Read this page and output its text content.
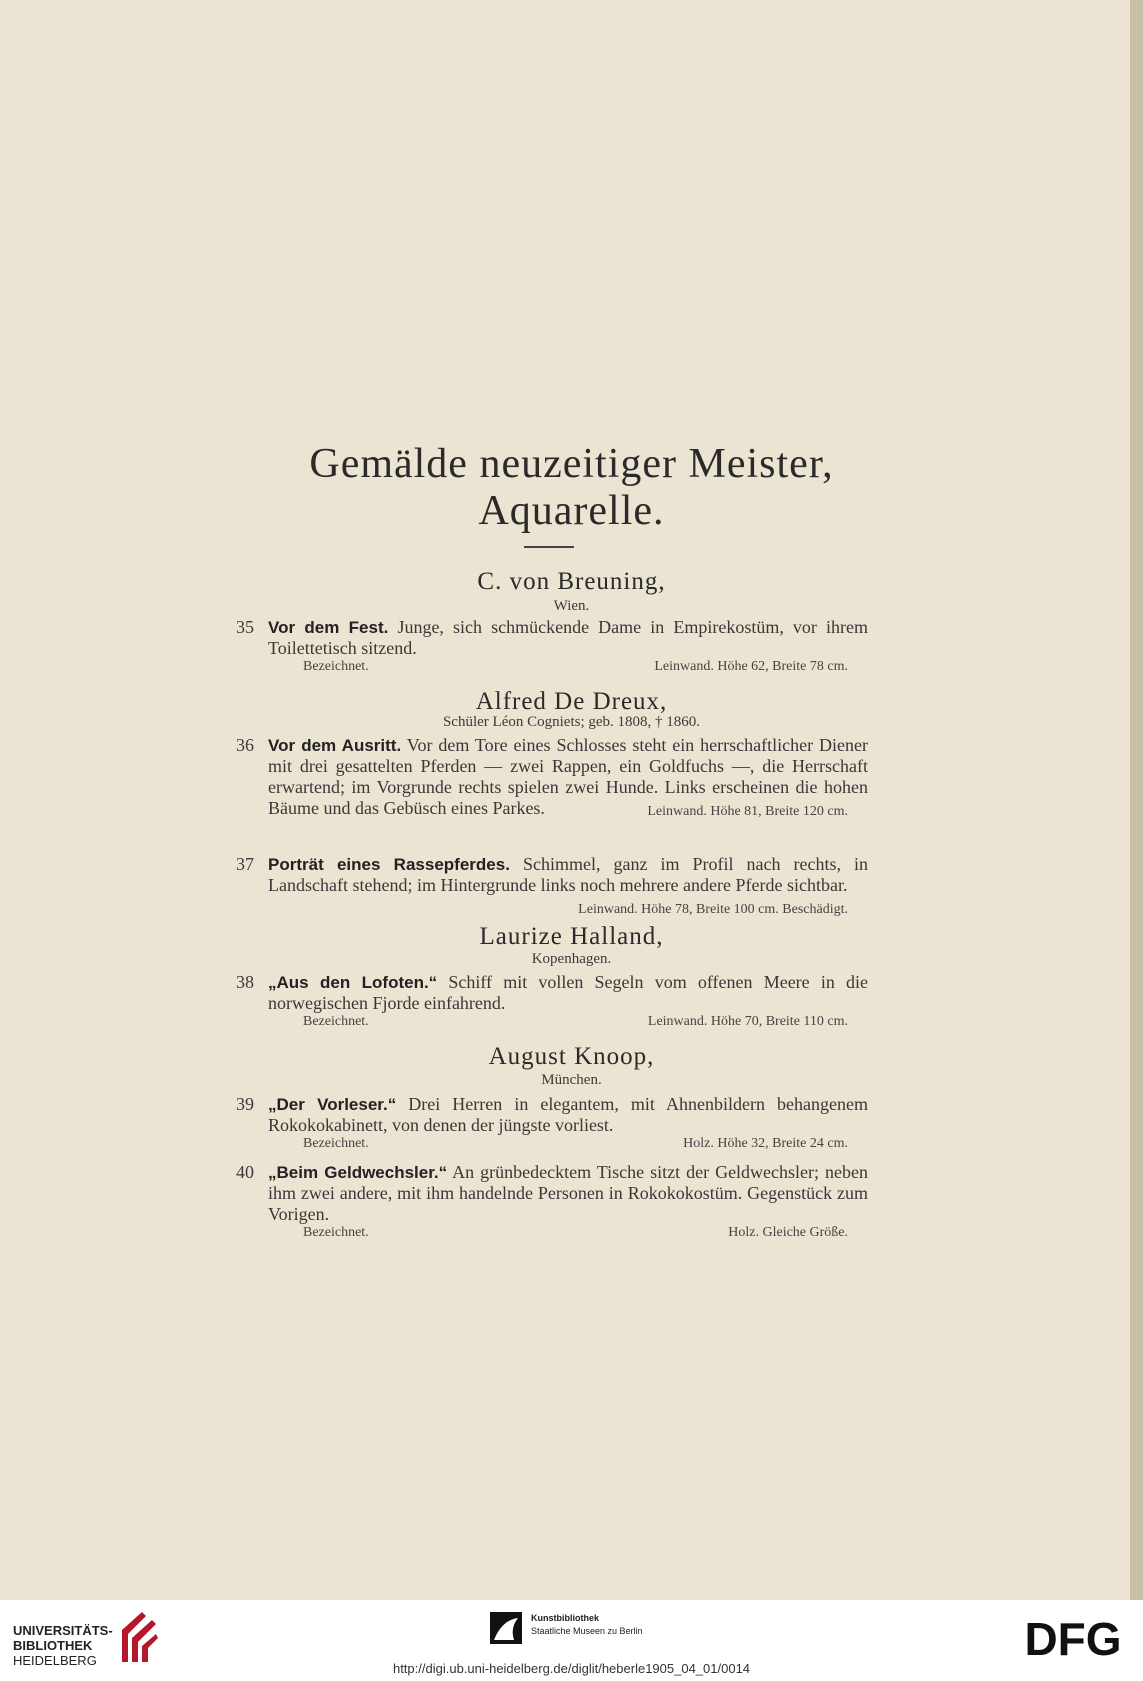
Gemälde neuzeitiger Meister,
Aquarelle.
C. von Breuning,
Wien.
35 Vor dem Fest. Junge, sich schmückende Dame in Empirekostüm, vor ihrem Toilettetisch sitzend.
Bezeichnet.	Leinwand. Höhe 62, Breite 78 cm.
Alfred De Dreux,
Schüler Léon Cogniets; geb. 1808, † 1860.
36 Vor dem Ausritt. Vor dem Tore eines Schlosses steht ein herrschaftlicher Diener mit drei gesattelten Pferden — zwei Rappen, ein Goldfuchs —, die Herrschaft erwartend; im Vorgrunde rechts spielen zwei Hunde. Links erscheinen die hohen Bäume und das Gebüsch eines Parkes.	Leinwand. Höhe 81, Breite 120 cm.
37 Porträt eines Rassepferdes. Schimmel, ganz im Profil nach rechts, in Landschaft stehend; im Hintergrunde links noch mehrere andere Pferde sichtbar.
Leinwand. Höhe 78, Breite 100 cm. Beschädigt.
Laurize Halland,
Kopenhagen.
38 „Aus den Lofoten.“ Schiff mit vollen Segeln vom offenen Meere in die norwegischen Fjorde einfahrend.
Bezeichnet.	Leinwand. Höhe 70, Breite 110 cm.
August Knoop,
München.
39 „Der Vorleser.“ Drei Herren in elegantem, mit Ahnenbildern behangenem Rokokokabinett, von denen der jüngste vorliest.
Bezeichnet.	Holz. Höhe 32, Breite 24 cm.
40 „Beim Geldwechsler.“ An grünbedecktem Tische sitzt der Geldwechsler; neben ihm zwei andere, mit ihm handelnde Personen in Rokokokostüm. Gegenstück zum Vorigen.
Bezeichnet.	Holz. Gleiche Größe.
UNIVERSITÄTS-
BIBLIOTHEK
HEIDELBERG
Kunstbibliothek
Staatliche Museen zu Berlin	DFG
http://digi.ub.uni-heidelberg.de/diglit/heberle1905_04_01/0014
